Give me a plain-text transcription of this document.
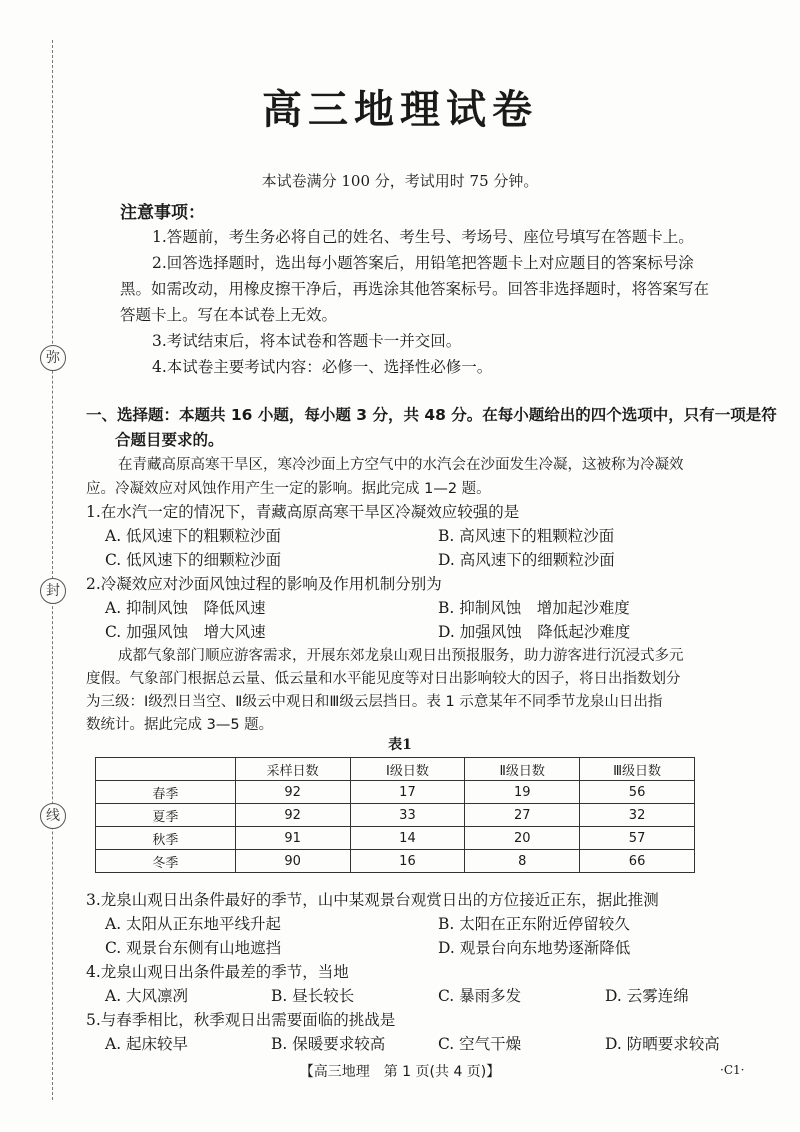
弥
封
线
高三地理试卷
本试卷满分 100 分，考试用时 75 分钟。
注意事项：
1.答题前，考生务必将自己的姓名、考生号、考场号、座位号填写在答题卡上。
2.回答选择题时，选出每小题答案后，用铅笔把答题卡上对应题目的答案标号涂
黑。如需改动，用橡皮擦干净后，再选涂其他答案标号。回答非选择题时，将答案写在
答题卡上。写在本试卷上无效。
3.考试结束后，将本试卷和答题卡一并交回。
4.本试卷主要考试内容：必修一、选择性必修一。
一、选择题：本题共 16 小题，每小题 3 分，共 48 分。在每小题给出的四个选项中，只有一项是符
合题目要求的。
在青藏高原高寒干旱区，寒冷沙面上方空气中的水汽会在沙面发生冷凝，这被称为冷凝效
应。冷凝效应对风蚀作用产生一定的影响。据此完成 1—2 题。
1.在水汽一定的情况下，青藏高原高寒干旱区冷凝效应较强的是
A. 低风速下的粗颗粒沙面	B. 高风速下的粗颗粒沙面
C. 低风速下的细颗粒沙面	D. 高风速下的细颗粒沙面
2.冷凝效应对沙面风蚀过程的影响及作用机制分别为
A. 抑制风蚀　降低风速	B. 抑制风蚀　增加起沙难度
C. 加强风蚀　增大风速	D. 加强风蚀　降低起沙难度
成都气象部门顺应游客需求，开展东郊龙泉山观日出预报服务，助力游客进行沉浸式多元
度假。气象部门根据总云量、低云量和水平能见度等对日出影响较大的因子，将日出指数划分
为三级：Ⅰ级烈日当空、Ⅱ级云中观日和Ⅲ级云层挡日。表 1 示意某年不同季节龙泉山日出指
数统计。据此完成 3—5 题。
表1
	采样日数	Ⅰ级日数	Ⅱ级日数	Ⅲ级日数
春季	92	17	19	56
夏季	92	33	27	32
秋季	91	14	20	57
冬季	90	16	8	66
3.龙泉山观日出条件最好的季节，山中某观景台观赏日出的方位接近正东，据此推测
A. 太阳从正东地平线升起	B. 太阳在正东附近停留较久
C. 观景台东侧有山地遮挡	D. 观景台向东地势逐渐降低
4.龙泉山观日出条件最差的季节，当地
A. 大风凛冽	B. 昼长较长	C. 暴雨多发	D. 云雾连绵
5.与春季相比，秋季观日出需要面临的挑战是
A. 起床较早	B. 保暖要求较高	C. 空气干燥	D. 防晒要求较高
【高三地理　第 1 页(共 4 页)】	·C1·
